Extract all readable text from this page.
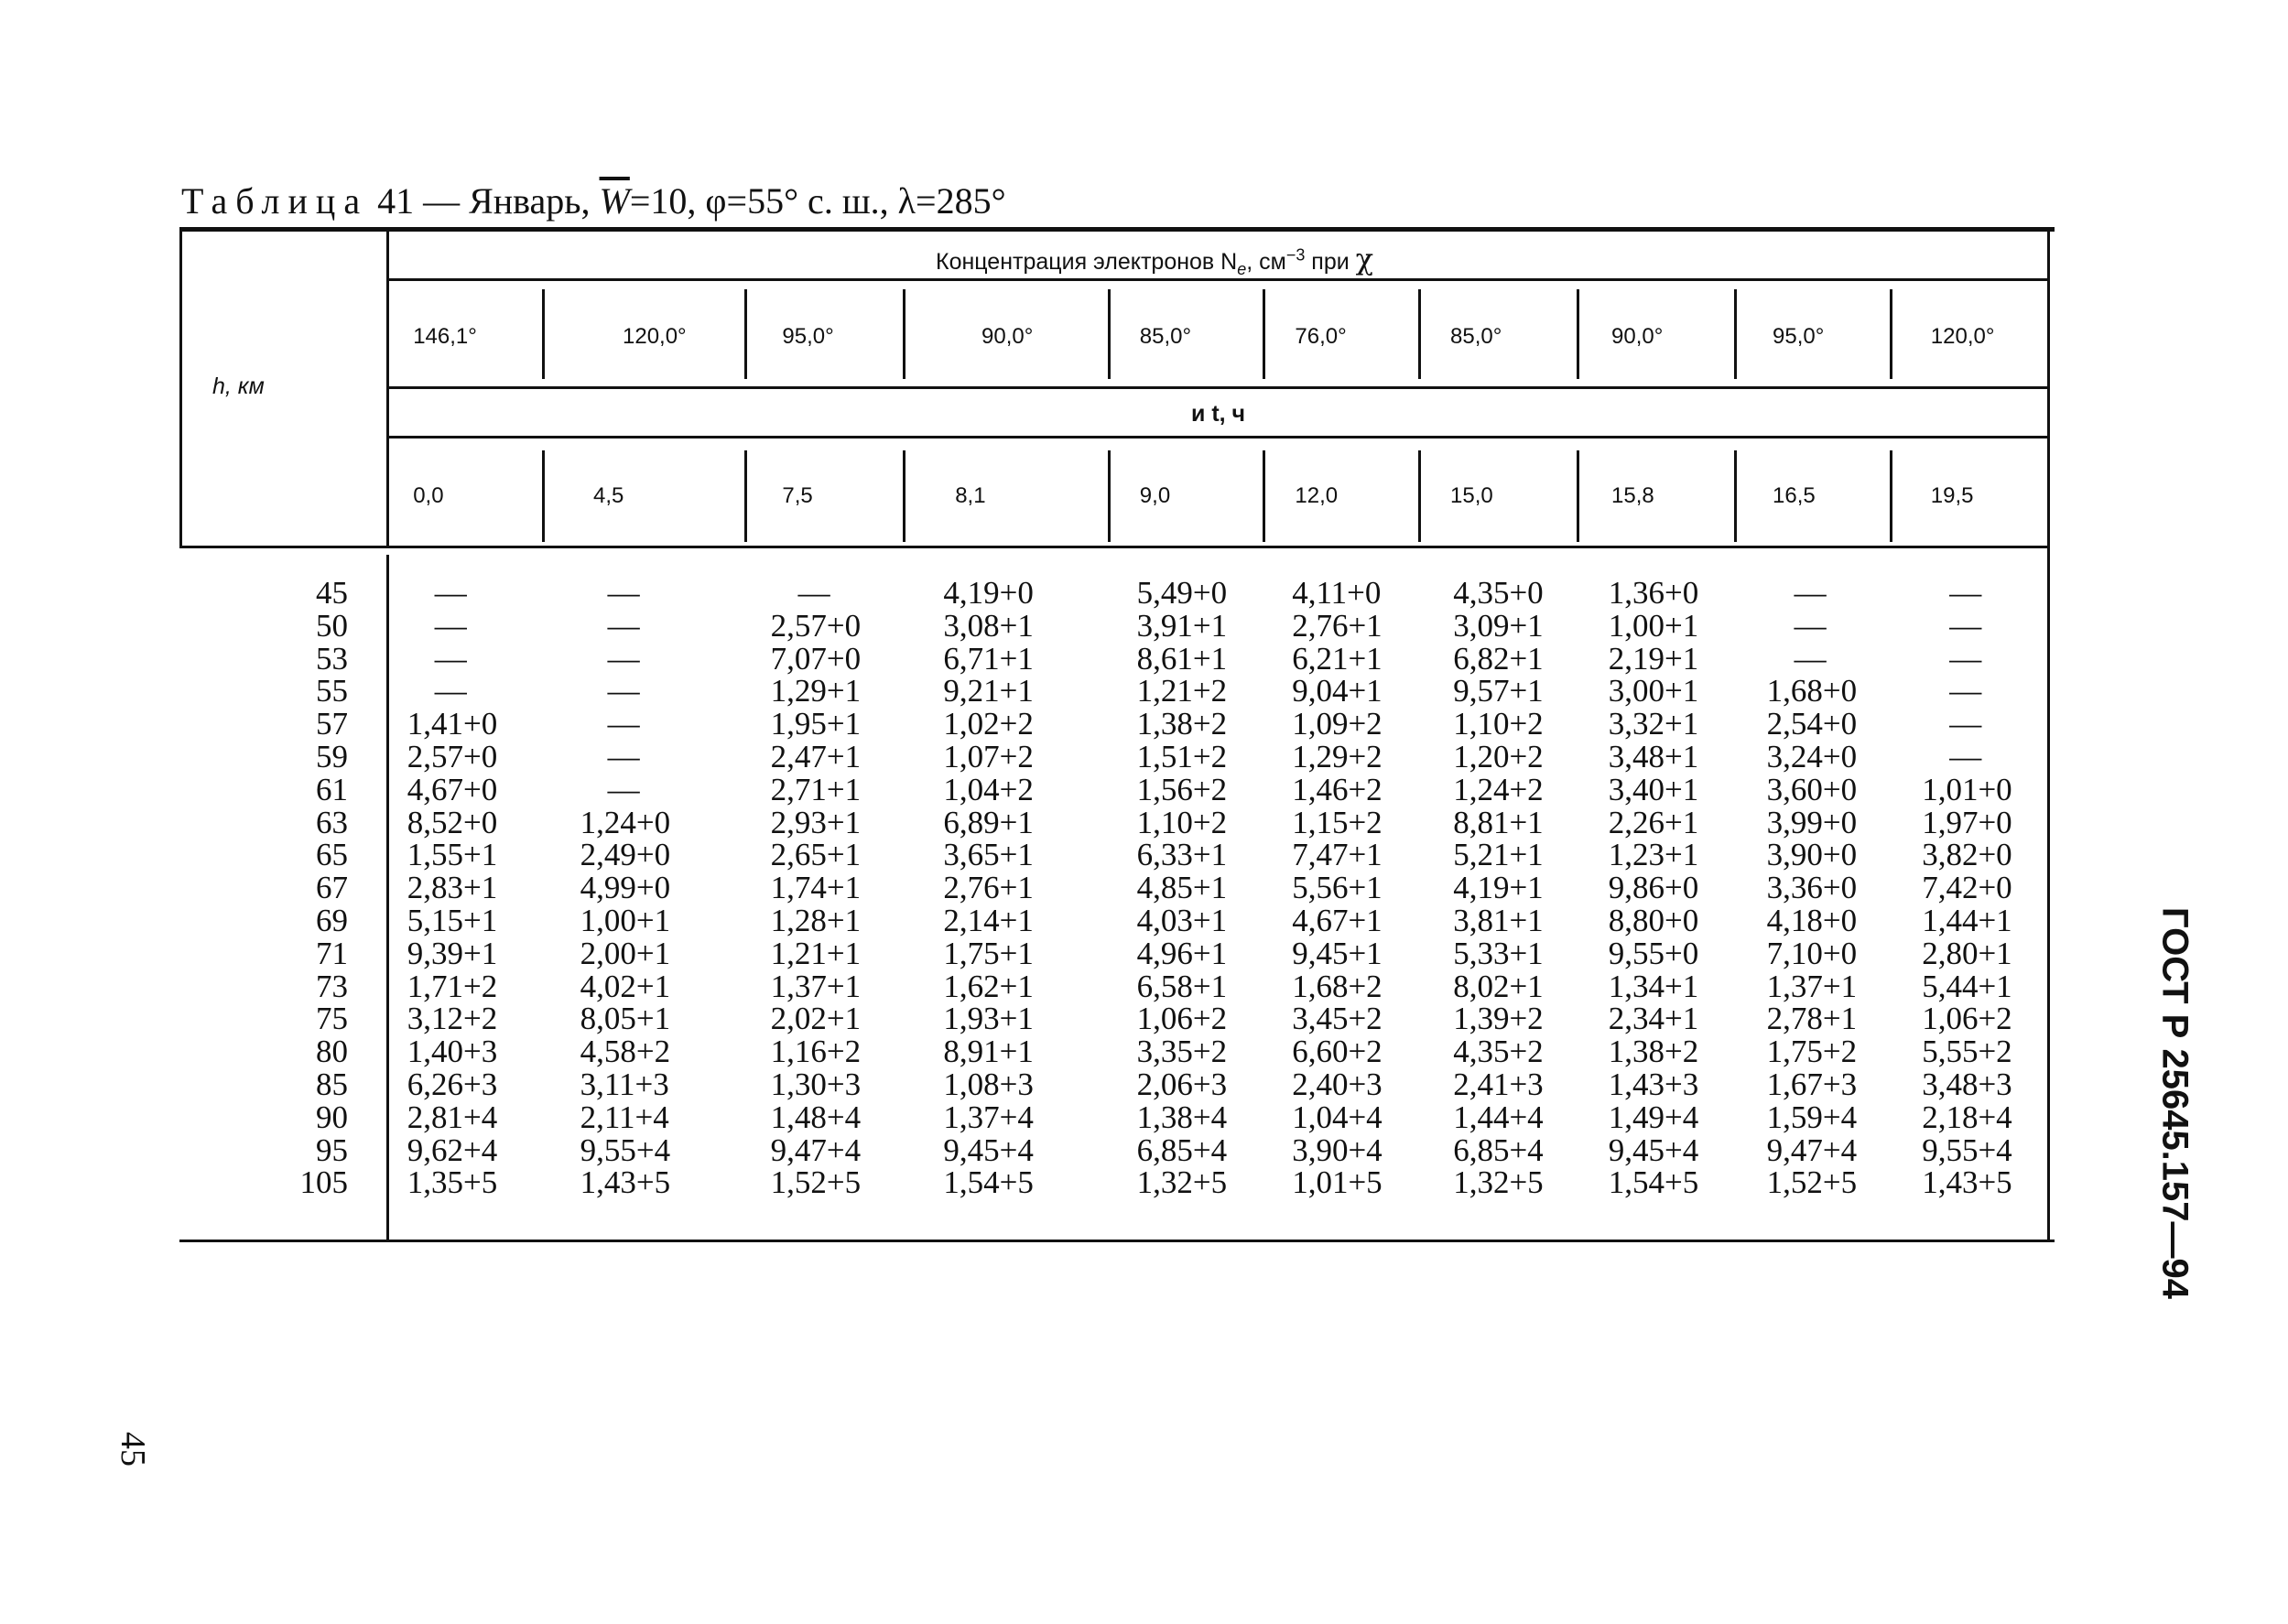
Таблица 41 — Январь, $\overline{W}=10$, φ=55° с. ш., λ=285°
Концентрация электронов $N_e$, $см^{-3}$ при χ
h, км
и t, ч
146,1°	120,0°	95,0°	90,0°	85,0°	76,0°	85,0°	90,0°	95,0°	120,0°
0,0	4,5	7,5	8,1	9,0	12,0	15,0	15,8	16,5	19,5
45	—	—	—	4,19+0	5,49+0 4,11+0 4,35+0 1,36+0	—	—
50	—	—	2,57+0	3,08+1	3,91+1 2,76+1 3,09+1 1,00+1	—	—
53	—	—	7,07+0	6,71+1	8,61+1 6,21+1 6,82+1 2,19+1	—	—
55	—	—	1,29+1	9,21+1	1,21+2 9,04+1 9,57+1 3,00+1 1,68+0	—
57 1,41+0	—	1,95+1	1,02+2	1,38+2 1,09+2 1,10+2 3,32+1 2,54+0	—
59 2,57+0	—	2,47+1	1,07+2	1,51+2 1,29+2 1,20+2 3,48+1 3,24+0	—
61 4,67+0	—	2,71+1	1,04+2	1,56+2 1,46+2 1,24+2 3,40+1 3,60+0 1,01+0
63 8,52+0	1,24+0	2,93+1	6,89+1	1,10+2 1,15+2 8,81+1 2,26+1 3,99+0 1,97+0
65 1,55+1	2,49+0	2,65+1	3,65+1	6,33+1 7,47+1 5,21+1 1,23+1 3,90+0 3,82+0
67 2,83+1	4,99+0	1,74+1	2,76+1	4,85+1 5,56+1 4,19+1 9,86+0 3,36+0 7,42+0
69 5,15+1	1,00+1	1,28+1	2,14+1	4,03+1 4,67+1 3,81+1 8,80+0 4,18+0 1,44+1
71 9,39+1	2,00+1	1,21+1	1,75+1	4,96+1 9,45+1 5,33+1 9,55+0 7,10+0 2,80+1
73 1,71+2	4,02+1	1,37+1	1,62+1	6,58+1 1,68+2 8,02+1 1,34+1 1,37+1 5,44+1
75 3,12+2	8,05+1	2,02+1	1,93+1	1,06+2 3,45+2 1,39+2 2,34+1 2,78+1 1,06+2
80 1,40+3	4,58+2	1,16+2	8,91+1	3,35+2 6,60+2 4,35+2 1,38+2 1,75+2 5,55+2
85 6,26+3	3,11+3	1,30+3	1,08+3	2,06+3 2,40+3 2,41+3 1,43+3 1,67+3 3,48+3
90 2,81+4	2,11+4	1,48+4	1,37+4	1,38+4 1,04+4 1,44+4 1,49+4 1,59+4 2,18+4
95 9,62+4	9,55+4	9,47+4	9,45+4	6,85+4 3,90+4 6,85+4 9,45+4 9,47+4 9,55+4
105 1,35+5	1,43+5	1,52+5	1,54+5	1,32+5 1,01+5 1,32+5 1,54+5 1,52+5 1,43+5	ГОСТ Р 25645.157—94
45
